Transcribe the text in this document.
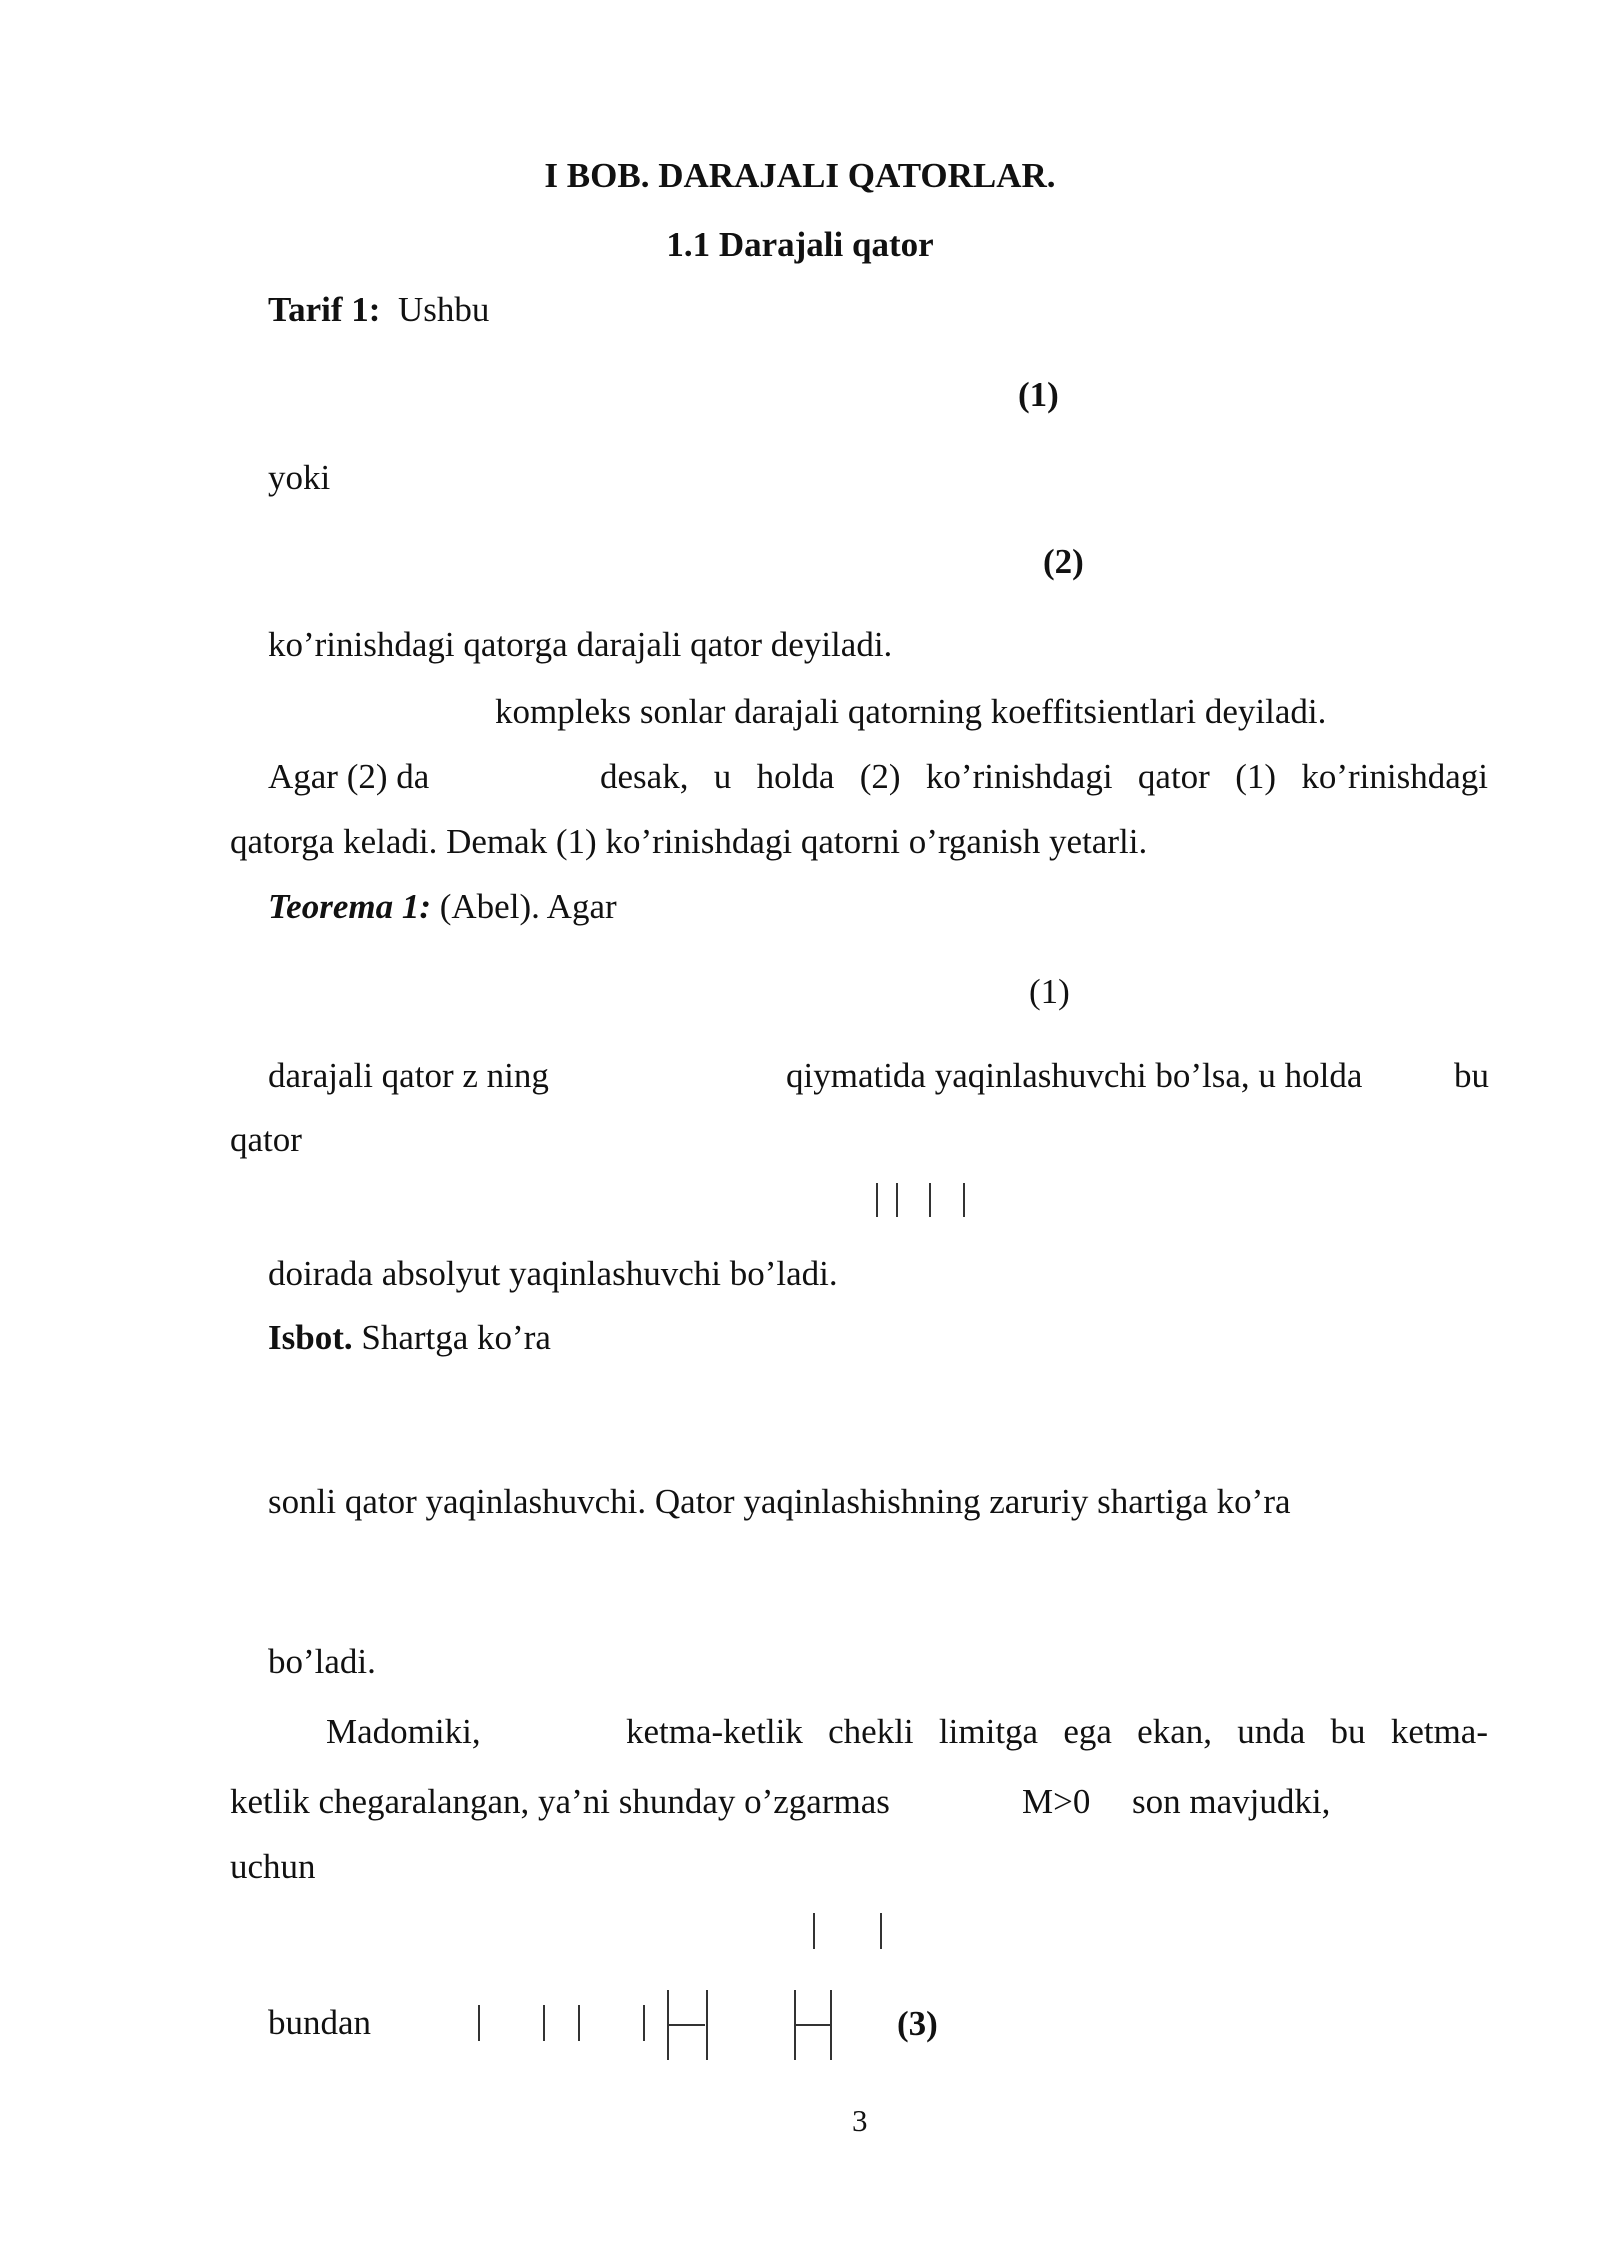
I BOB. DARAJALI QATORLAR.
1.1 Darajali qator
Tarif 1: Ushbu
(1)
yoki
(2)
ko’rinishdagi qatorga darajali qator deyiladi.
kompleks sonlar darajali qatorning koeffitsientlari deyiladi.
Agar (2) da	desak, u holda (2) ko’rinishdagi qator (1) ko’rinishdagi
qatorga keladi. Demak (1) ko’rinishdagi qatorni o’rganish yetarli.
Teorema 1: (Abel). Agar
(1)
darajali qator z ning	qiymatida yaqinlashuvchi bo’lsa, u holda	bu
qator
doirada absolyut yaqinlashuvchi bo’ladi.
Isbot. Shartga ko’ra
sonli qator yaqinlashuvchi. Qator yaqinlashishning zaruriy shartiga ko’ra
bo’ladi.
Madomiki,	ketma-ketlik chekli limitga ega ekan, unda bu ketma-
ketlik chegaralangan, ya’ni shunday o’zgarmas	M>0 son mavjudki,
uchun
bundan	(3)
3
